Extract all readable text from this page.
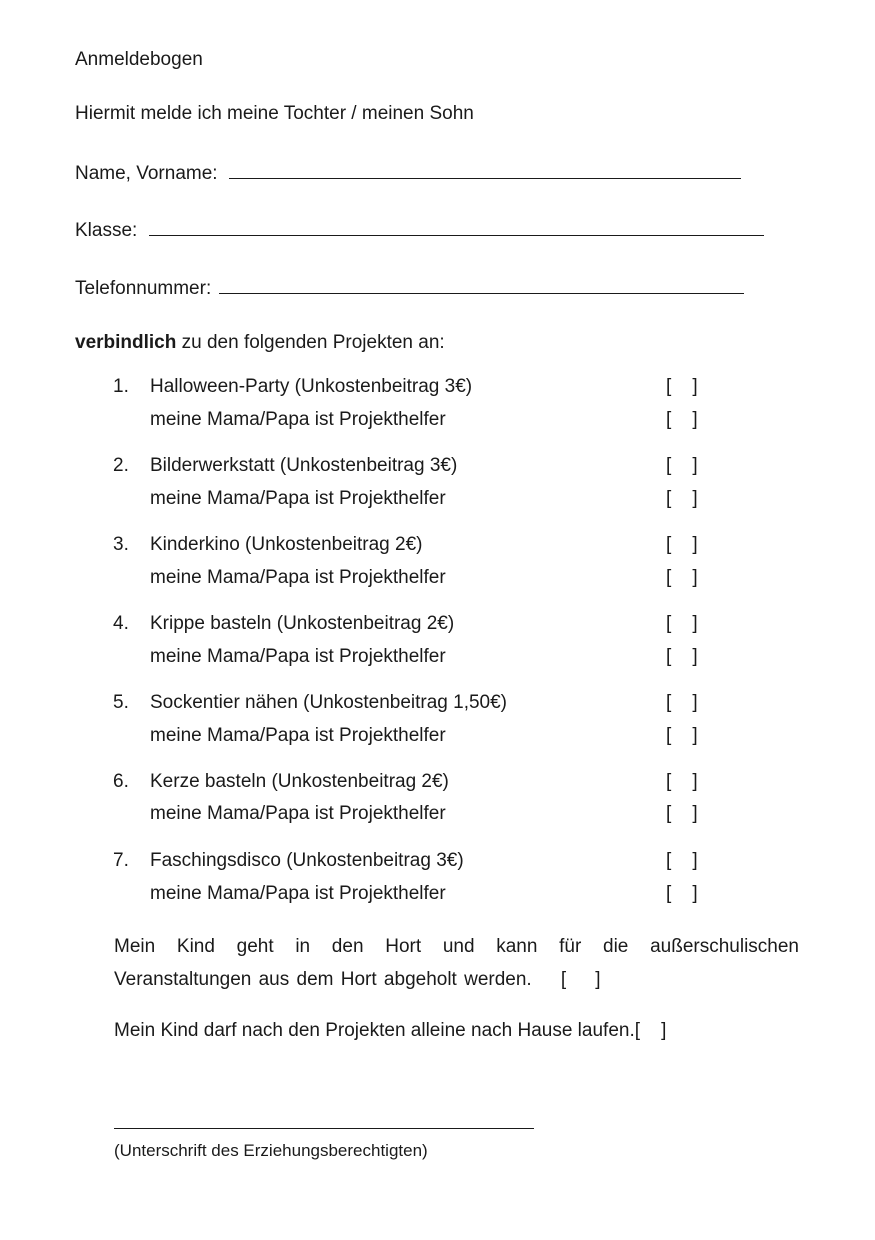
Anmeldebogen
Hiermit melde ich meine Tochter / meinen Sohn
Name, Vorname:
Klasse:
Telefonnummer:
verbindlich zu den folgenden Projekten an:
1. Halloween-Party (Unkostenbeitrag 3€)	[    ]
meine Mama/Papa ist Projekthelfer	[    ]
2. Bilderwerkstatt (Unkostenbeitrag 3€)	[    ]
meine Mama/Papa ist Projekthelfer	[    ]
3. Kinderkino (Unkostenbeitrag 2€)	[    ]
meine Mama/Papa ist Projekthelfer	[    ]
4. Krippe basteln (Unkostenbeitrag 2€)	[    ]
meine Mama/Papa ist Projekthelfer	[    ]
5. Sockentier nähen (Unkostenbeitrag 1,50€)	[    ]
meine Mama/Papa ist Projekthelfer	[    ]
6. Kerze basteln (Unkostenbeitrag 2€)	[    ]
meine Mama/Papa ist Projekthelfer	[    ]
7. Faschingsdisco (Unkostenbeitrag 3€)	[    ]
meine Mama/Papa ist Projekthelfer	[    ]
Mein Kind geht in den Hort und kann für die außerschulischen Veranstaltungen aus dem Hort abgeholt werden. [    ]
Mein Kind darf nach den Projekten alleine nach Hause laufen.[    ]
(Unterschrift des Erziehungsberechtigten)
